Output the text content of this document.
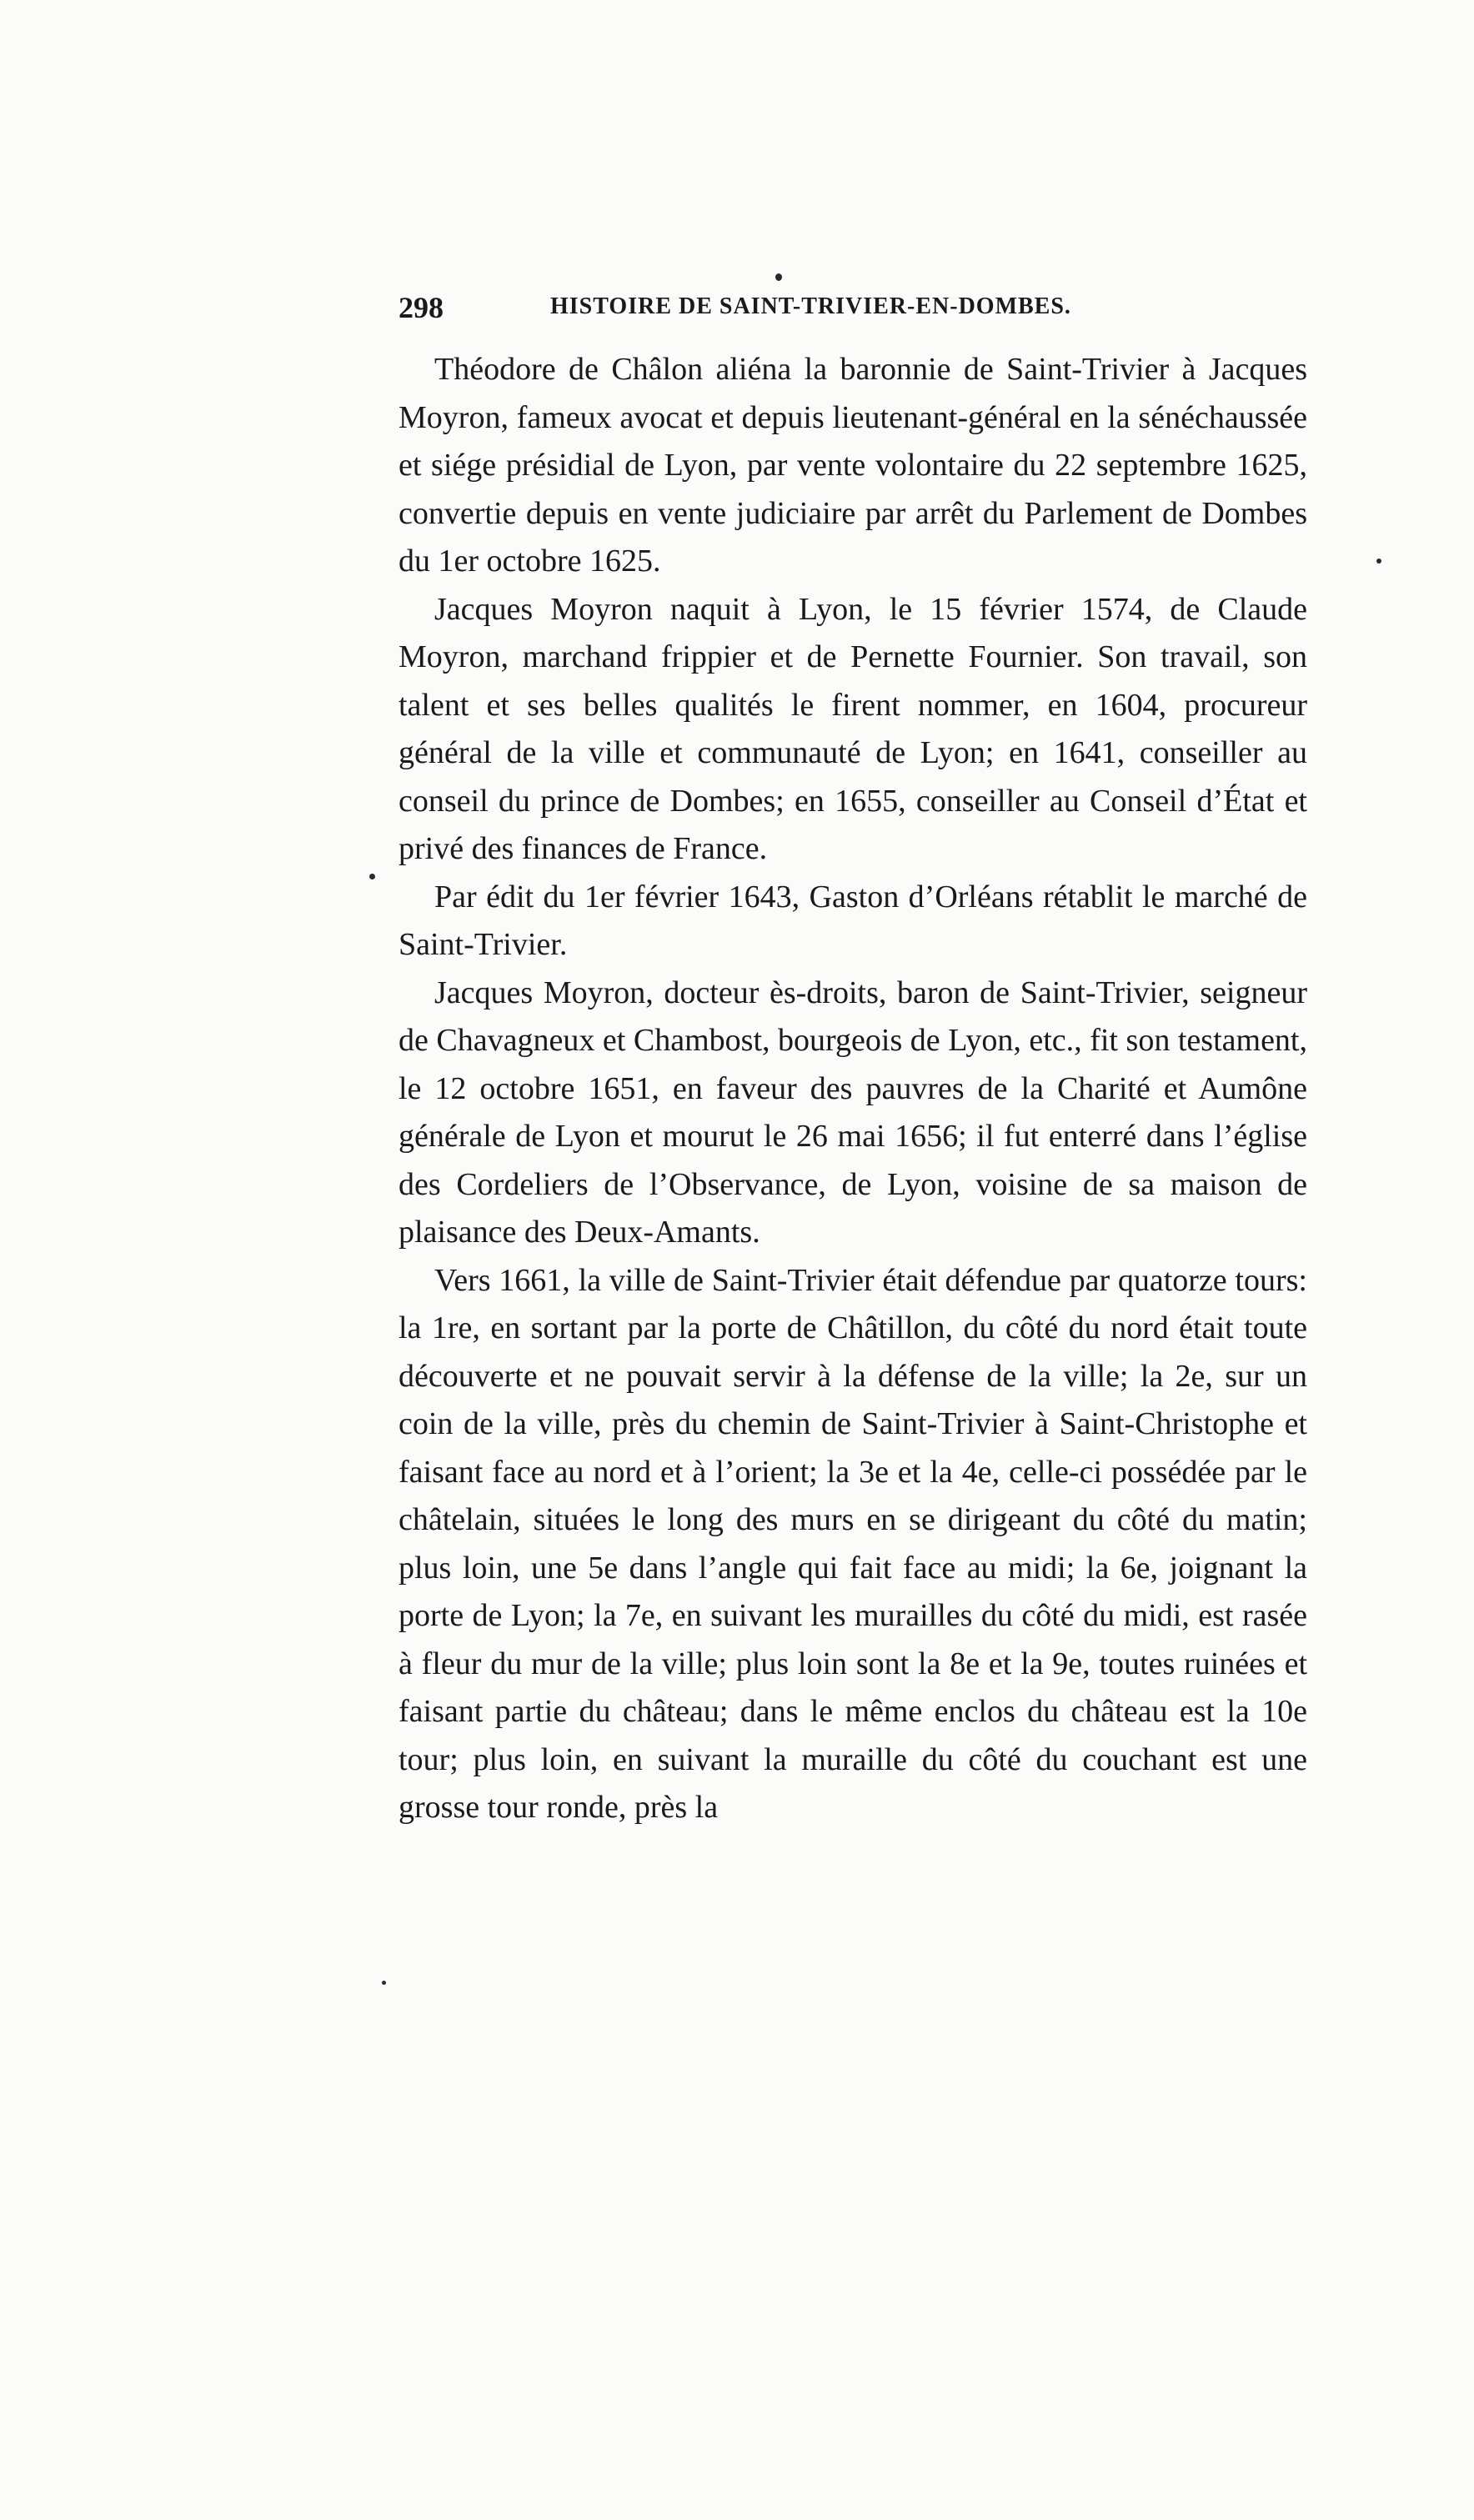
298	HISTOIRE DE SAINT-TRIVIER-EN-DOMBES.

Théodore de Châlon aliéna la baronnie de Saint-Trivier à Jacques Moyron, fameux avocat et depuis lieutenant-général en la sénéchaussée et siége présidial de Lyon, par vente volontaire du 22 septembre 1625, convertie depuis en vente judiciaire par arrêt du Parlement de Dombes du 1er octobre 1625.

Jacques Moyron naquit à Lyon, le 15 février 1574, de Claude Moyron, marchand frippier et de Pernette Fournier. Son travail, son talent et ses belles qualités le firent nommer, en 1604, procureur général de la ville et communauté de Lyon; en 1641, conseiller au conseil du prince de Dombes; en 1655, conseiller au Conseil d’État et privé des finances de France.

Par édit du 1er février 1643, Gaston d’Orléans rétablit le marché de Saint-Trivier.

Jacques Moyron, docteur ès-droits, baron de Saint-Trivier, seigneur de Chavagneux et Chambost, bourgeois de Lyon, etc., fit son testament, le 12 octobre 1651, en faveur des pauvres de la Charité et Aumône générale de Lyon et mourut le 26 mai 1656; il fut enterré dans l’église des Cordeliers de l’Observance, de Lyon, voisine de sa maison de plaisance des Deux-Amants.

Vers 1661, la ville de Saint-Trivier était défendue par quatorze tours: la 1re, en sortant par la porte de Châtillon, du côté du nord était toute découverte et ne pouvait servir à la défense de la ville; la 2e, sur un coin de la ville, près du chemin de Saint-Trivier à Saint-Christophe et faisant face au nord et à l’orient; la 3e et la 4e, celle-ci possédée par le châtelain, situées le long des murs en se dirigeant du côté du matin; plus loin, une 5e dans l’angle qui fait face au midi; la 6e, joignant la porte de Lyon; la 7e, en suivant les murailles du côté du midi, est rasée à fleur du mur de la ville; plus loin sont la 8e et la 9e, toutes ruinées et faisant partie du château; dans le même enclos du château est la 10e tour; plus loin, en suivant la muraille du côté du couchant est une grosse tour ronde, près la
